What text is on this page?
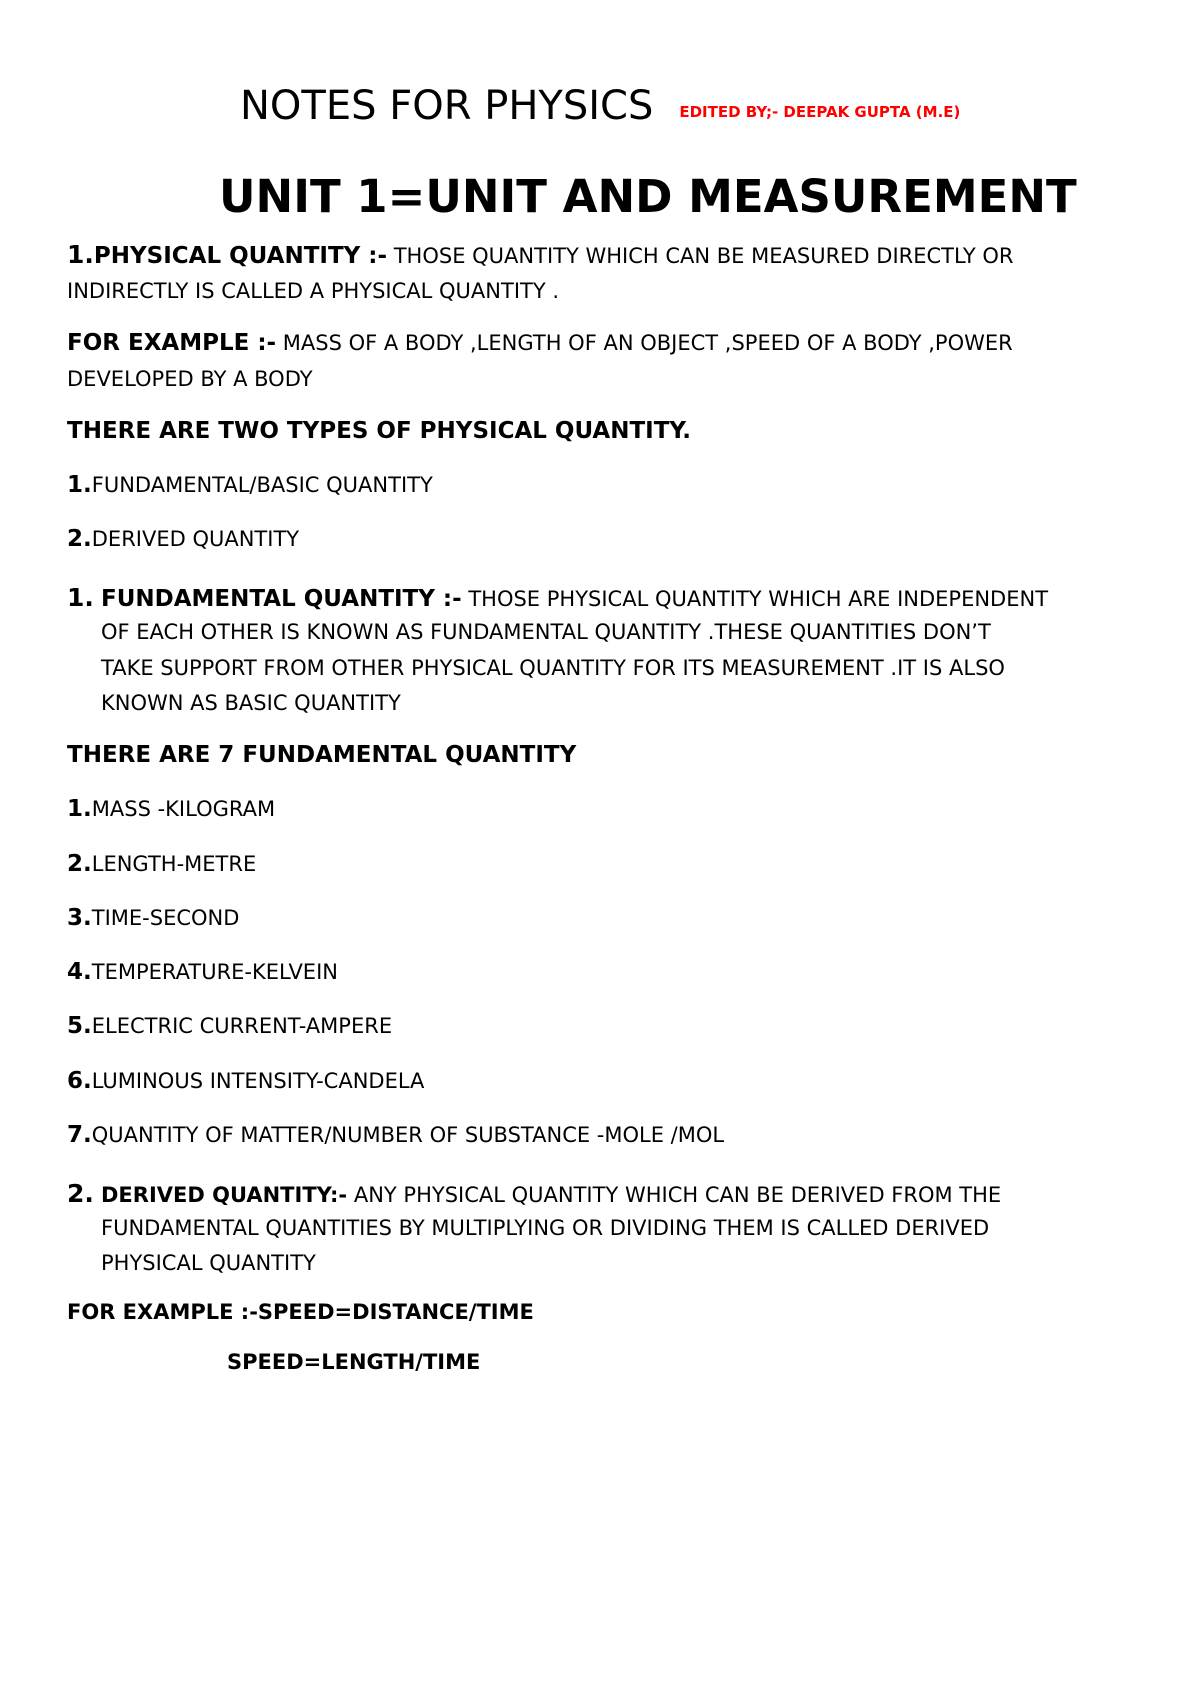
NOTES FOR PHYSICS EDITED BY;- DEEPAK GUPTA (M.E)
UNIT 1=UNIT AND MEASUREMENT
1.PHYSICAL QUANTITY :- THOSE QUANTITY WHICH CAN BE MEASURED DIRECTLY OR
INDIRECTLY IS CALLED A PHYSICAL QUANTITY .
FOR EXAMPLE :- MASS OF A BODY ,LENGTH OF AN OBJECT ,SPEED OF A BODY ,POWER
DEVELOPED BY A BODY
THERE ARE TWO TYPES OF PHYSICAL QUANTITY.
1.FUNDAMENTAL/BASIC QUANTITY
2.DERIVED QUANTITY
1. FUNDAMENTAL QUANTITY :- THOSE PHYSICAL QUANTITY WHICH ARE INDEPENDENT
OF EACH OTHER IS KNOWN AS FUNDAMENTAL QUANTITY .THESE QUANTITIES DON’T
TAKE SUPPORT FROM OTHER PHYSICAL QUANTITY FOR ITS MEASUREMENT .IT IS ALSO
KNOWN AS BASIC QUANTITY
THERE ARE 7 FUNDAMENTAL QUANTITY
1.MASS -KILOGRAM
2.LENGTH-METRE
3.TIME-SECOND
4.TEMPERATURE-KELVEIN
5.ELECTRIC CURRENT-AMPERE
6.LUMINOUS INTENSITY-CANDELA
7.QUANTITY OF MATTER/NUMBER OF SUBSTANCE -MOLE /MOL
2. DERIVED QUANTITY:- ANY PHYSICAL QUANTITY WHICH CAN BE DERIVED FROM THE
FUNDAMENTAL QUANTITIES BY MULTIPLYING OR DIVIDING THEM IS CALLED DERIVED
PHYSICAL QUANTITY
FOR EXAMPLE :-SPEED=DISTANCE/TIME
SPEED=LENGTH/TIME
